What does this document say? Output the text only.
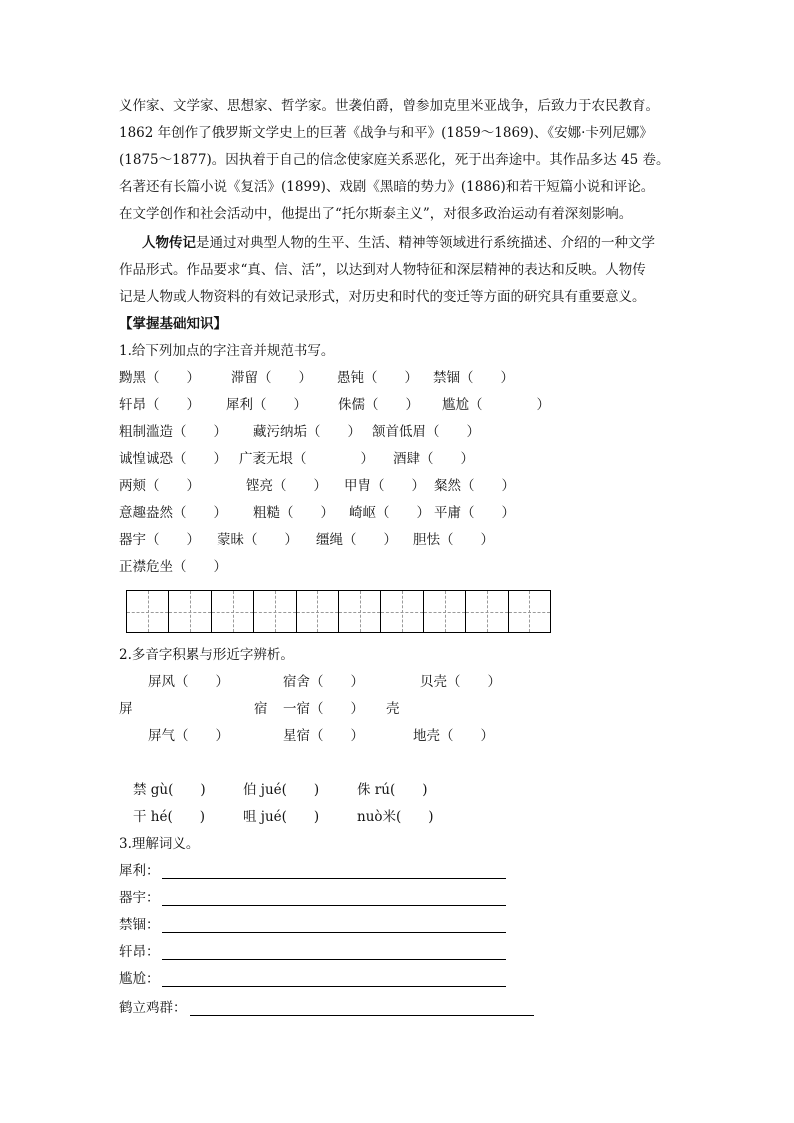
义作家、文学家、思想家、哲学家。世袭伯爵，曾参加克里米亚战争，后致力于农民教育。
1862 年创作了俄罗斯文学史上的巨著《战争与和平》(1859～1869)、《安娜·卡列尼娜》
(1875～1877)。因执着于自己的信念使家庭关系恶化，死于出奔途中。其作品多达 45 卷。
名著还有长篇小说《复活》(1899)、戏剧《黑暗的势力》(1886)和若干短篇小说和评论。
在文学创作和社会活动中，他提出了“托尔斯泰主义”，对很多政治运动有着深刻影响。
人物传记是通过对典型人物的生平、生活、精神等领域进行系统描述、介绍的一种文学
作品形式。作品要求“真、信、活”，以达到对人物特征和深层精神的表达和反映。人物传
记是人物或人物资料的有效记录形式，对历史和时代的变迁等方面的研究具有重要意义。
【掌握基础知识】
1.给下列加点的字注音并规范书写。
黝黑（　　） 滞留（　　） 愚钝（　　） 禁锢（　　）
轩昂（　　） 犀利（　　） 侏儒（　　） 尴尬（　　　　）
粗制滥造（　　） 藏污纳垢（　　） 颔首低眉（　　）
诚惶诚恐（　　） 广袤无垠（　　　　） 酒肆（　　）
两颊（　　）	铿亮（　　） 甲胄（　　） 粲然（　　）
意趣盎然（　　） 粗糙（　　） 崎岖（　　） 平庸（　　）
器宇（　　） 蒙昧（　　） 缰绳（　　） 胆怯（　　）
正襟危坐（　　）
2.多音字积累与形近字辨析。
屏风（　　）	宿舍（　　）	贝壳（　　）
屏	宿 一宿（　　） 壳
屏气（　　）	星宿（　　）	地壳（　　）
禁 gù(　　)	伯 jué(　　)	侏 rú(　　)
干 hé(　　)	咀 jué(　　)	nuò米(　　)
3.理解词义。
犀利：
器宇：
禁锢：
轩昂：
尴尬：
鹤立鸡群：
